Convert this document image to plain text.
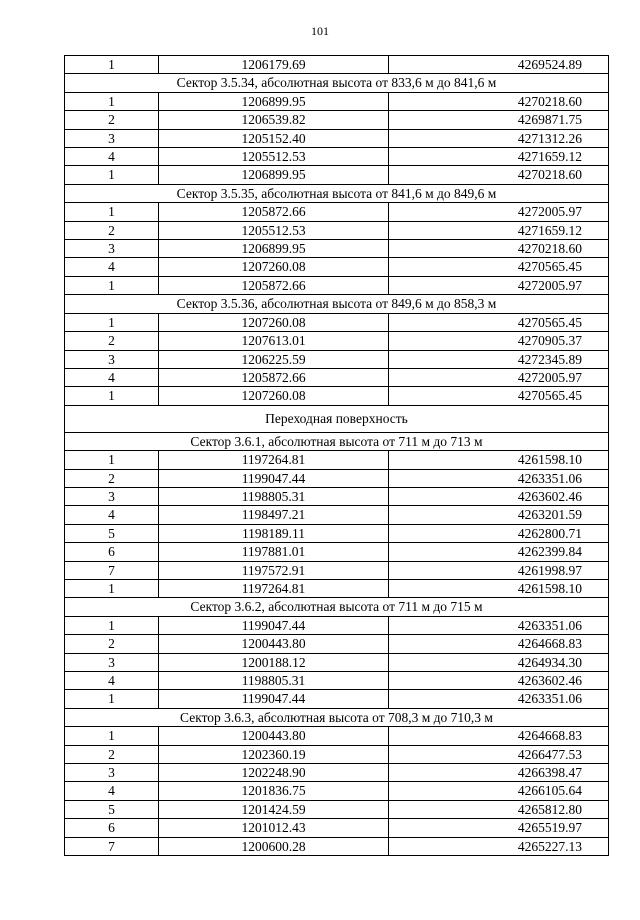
101
1	1206179.69	4269524.89
Сектор 3.5.34, абсолютная высота от 833,6 м до 841,6 м		
1	1206899.95	4270218.60
2	1206539.82	4269871.75
3	1205152.40	4271312.26
4	1205512.53	4271659.12
1	1206899.95	4270218.60
Сектор 3.5.35, абсолютная высота от 841,6 м до 849,6 м		
1	1205872.66	4272005.97
2	1205512.53	4271659.12
3	1206899.95	4270218.60
4	1207260.08	4270565.45
1	1205872.66	4272005.97
Сектор 3.5.36, абсолютная высота от 849,6 м до 858,3 м		
1	1207260.08	4270565.45
2	1207613.01	4270905.37
3	1206225.59	4272345.89
4	1205872.66	4272005.97
1	1207260.08	4270565.45
Переходная поверхность		
Сектор 3.6.1, абсолютная высота от 711 м до 713 м		
1	1197264.81	4261598.10
2	1199047.44	4263351.06
3	1198805.31	4263602.46
4	1198497.21	4263201.59
5	1198189.11	4262800.71
6	1197881.01	4262399.84
7	1197572.91	4261998.97
1	1197264.81	4261598.10
Сектор 3.6.2, абсолютная высота от 711 м до 715 м		
1	1199047.44	4263351.06
2	1200443.80	4264668.83
3	1200188.12	4264934.30
4	1198805.31	4263602.46
1	1199047.44	4263351.06
Сектор 3.6.3, абсолютная высота от 708,3 м до 710,3 м		
1	1200443.80	4264668.83
2	1202360.19	4266477.53
3	1202248.90	4266398.47
4	1201836.75	4266105.64
5	1201424.59	4265812.80
6	1201012.43	4265519.97
7	1200600.28	4265227.13
